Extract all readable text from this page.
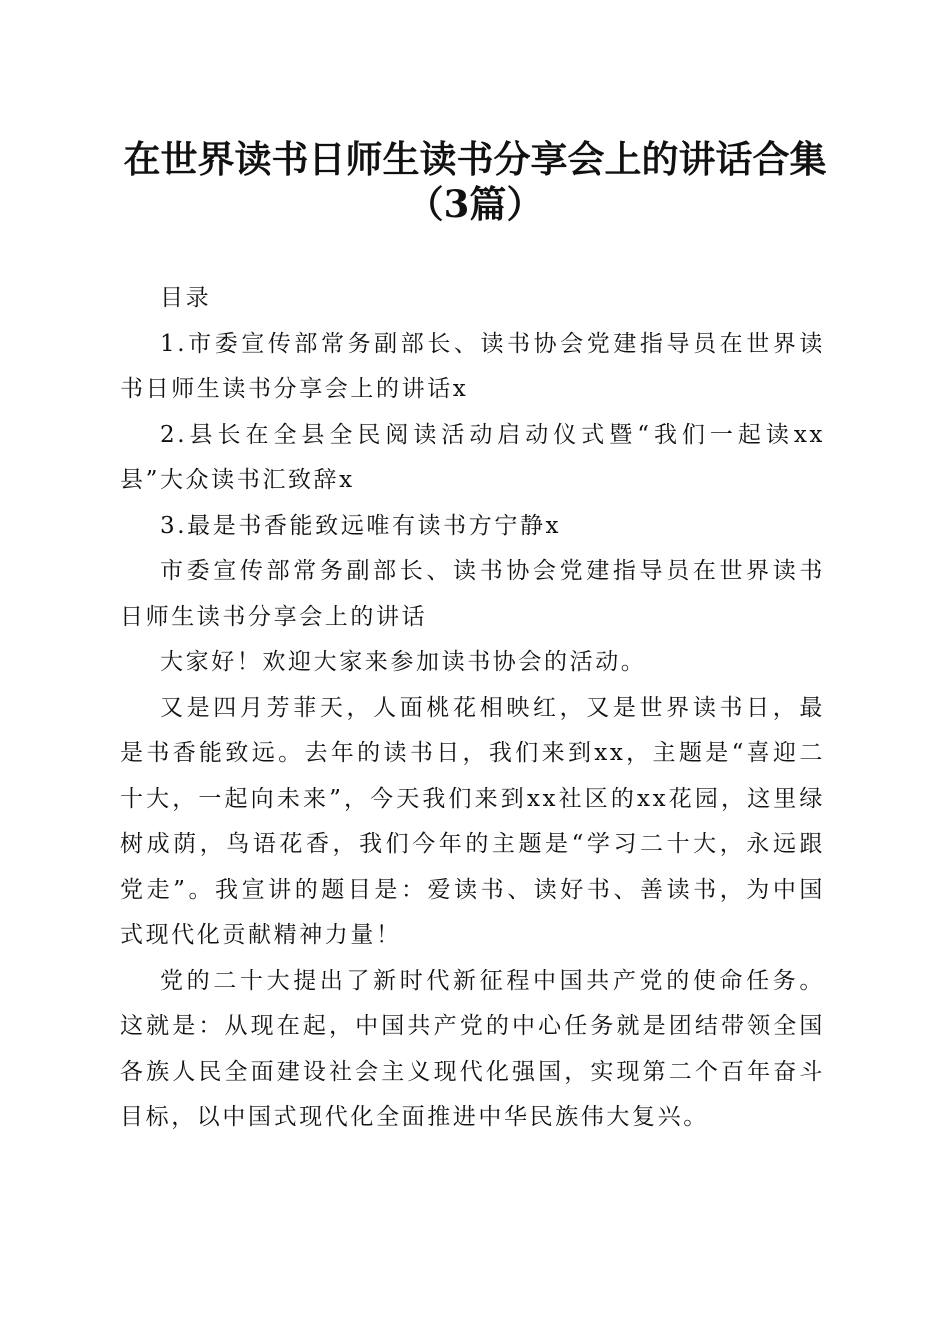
在世界读书日师生读书分享会上的讲话合集
（3篇）

目录

1.市委宣传部常务副部长、读书协会党建指导员在世界读书日师生读书分享会上的讲话x

2.县长在全县全民阅读活动启动仪式暨“我们一起读xx县”大众读书汇致辞x

3.最是书香能致远唯有读书方宁静x

市委宣传部常务副部长、读书协会党建指导员在世界读书日师生读书分享会上的讲话

大家好！欢迎大家来参加读书协会的活动。

又是四月芳菲天，人面桃花相映红，又是世界读书日，最是书香能致远。去年的读书日，我们来到xx，主题是“喜迎二十大，一起向未来”，今天我们来到xx社区的xx花园，这里绿树成荫，鸟语花香，我们今年的主题是“学习二十大，永远跟党走”。我宣讲的题目是：爱读书、读好书、善读书，为中国式现代化贡献精神力量！

党的二十大提出了新时代新征程中国共产党的使命任务。这就是：从现在起，中国共产党的中心任务就是团结带领全国各族人民全面建设社会主义现代化强国，实现第二个百年奋斗目标，以中国式现代化全面推进中华民族伟大复兴。
